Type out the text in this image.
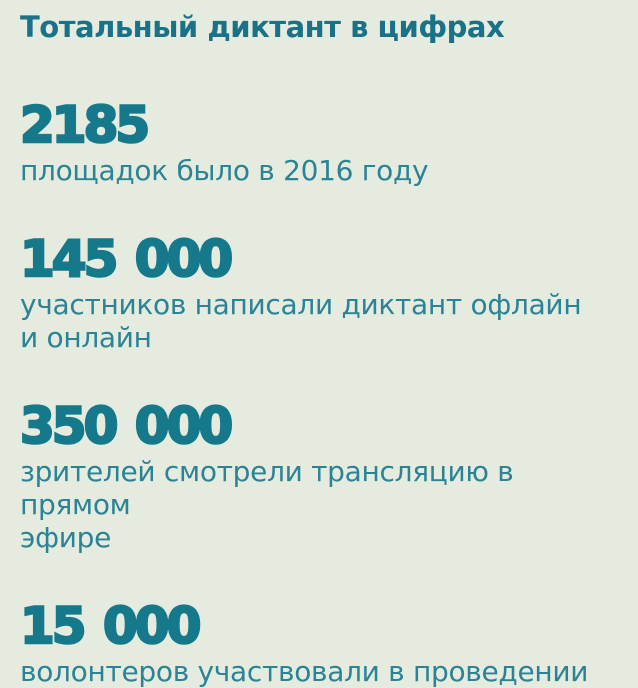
Тотальный диктант в цифрах
2185
площадок было в 2016 году
145 000
участников написали диктант офлайн
и онлайн
350 000
зрителей смотрели трансляцию в прямом
эфире
15 000
волонтеров участвовали в проведении
